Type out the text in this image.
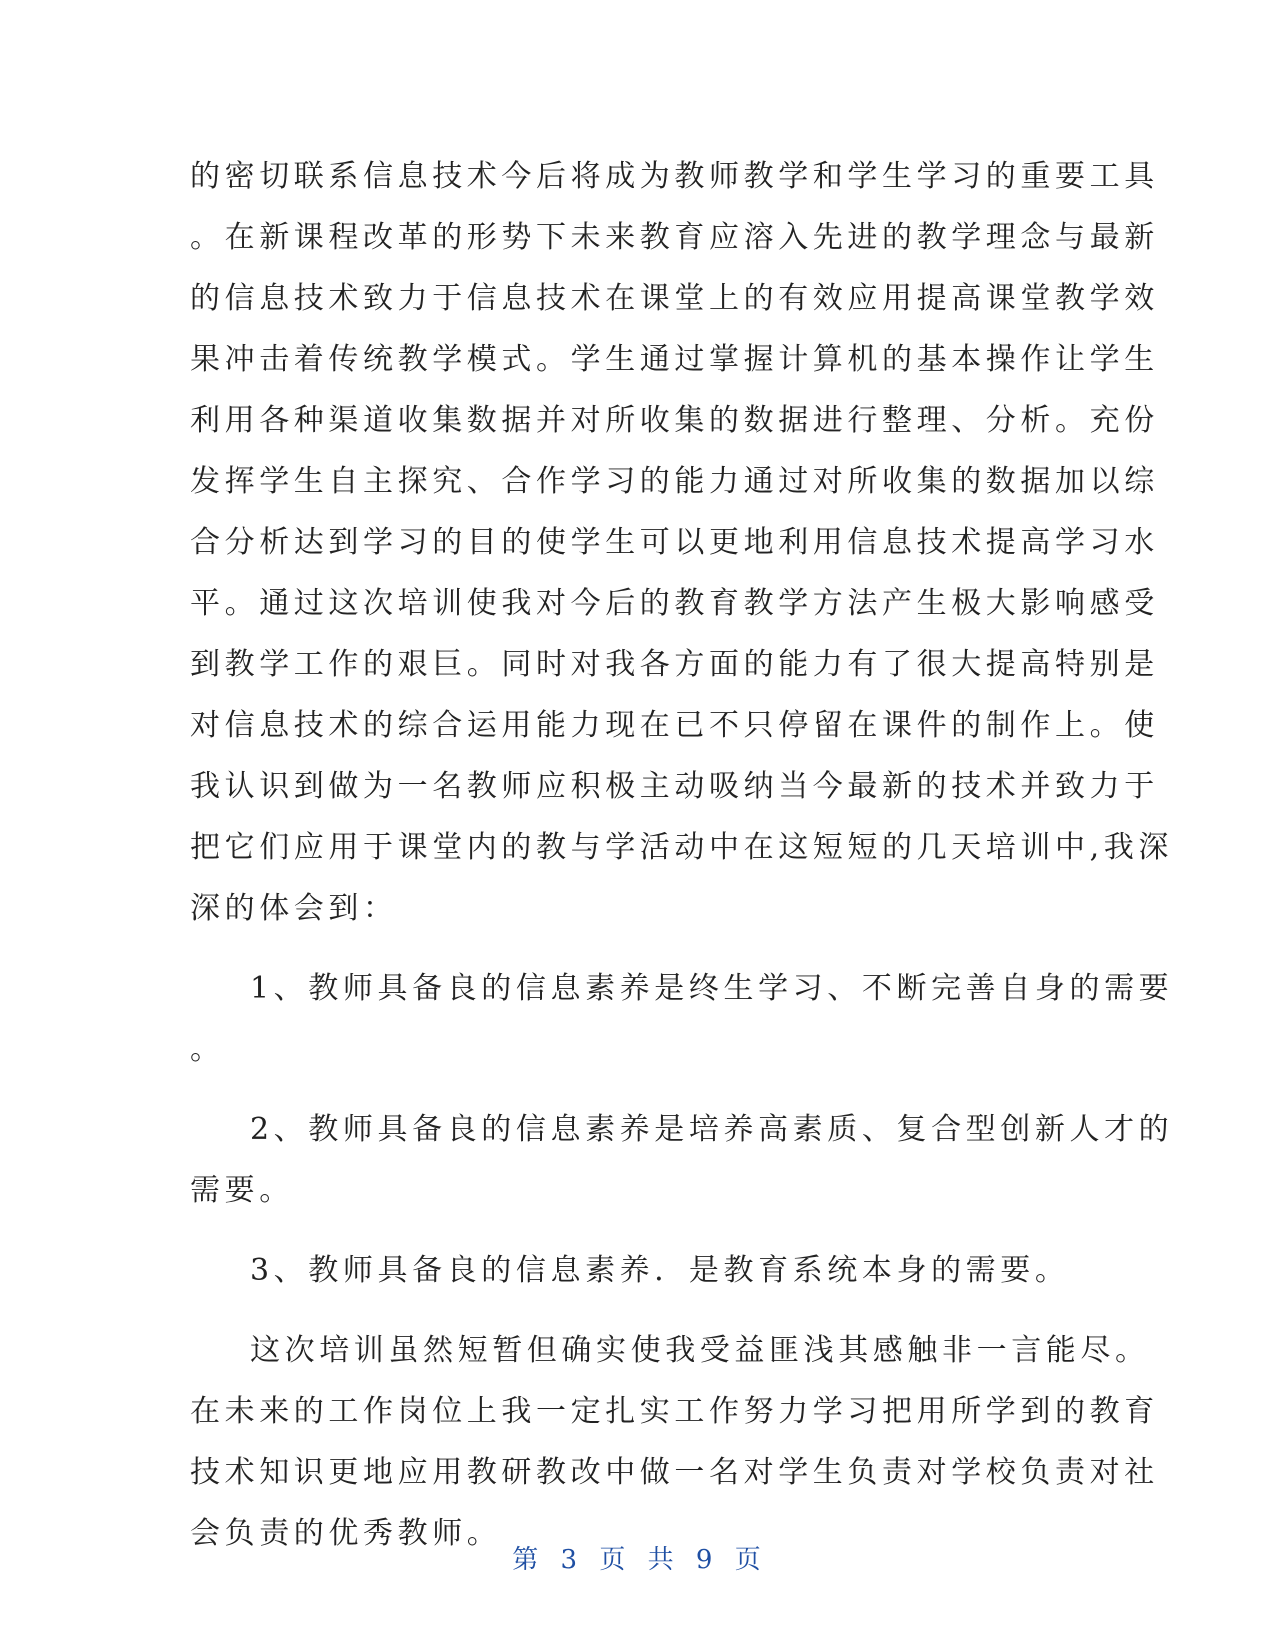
的密切联系信息技术今后将成为教师教学和学生学习的重要工具
。在新课程改革的形势下未来教育应溶入先进的教学理念与最新
的信息技术致力于信息技术在课堂上的有效应用提高课堂教学效
果冲击着传统教学模式。学生通过掌握计算机的基本操作让学生
利用各种渠道收集数据并对所收集的数据进行整理、分析。充份
发挥学生自主探究、合作学习的能力通过对所收集的数据加以综
合分析达到学习的目的使学生可以更地利用信息技术提高学习水
平。通过这次培训使我对今后的教育教学方法产生极大影响感受
到教学工作的艰巨。同时对我各方面的能力有了很大提高特别是
对信息技术的综合运用能力现在已不只停留在课件的制作上。使
我认识到做为一名教师应积极主动吸纳当今最新的技术并致力于
把它们应用于课堂内的教与学活动中在这短短的几天培训中,我深
深的体会到：
1、教师具备良的信息素养是终生学习、不断完善自身的需要
。
2、教师具备良的信息素养是培养高素质、复合型创新人才的
需要。
3、教师具备良的信息素养．是教育系统本身的需要。
这次培训虽然短暂但确实使我受益匪浅其感触非一言能尽。
在未来的工作岗位上我一定扎实工作努力学习把用所学到的教育
技术知识更地应用教研教改中做一名对学生负责对学校负责对社
会负责的优秀教师。
第 3 页 共 9 页
